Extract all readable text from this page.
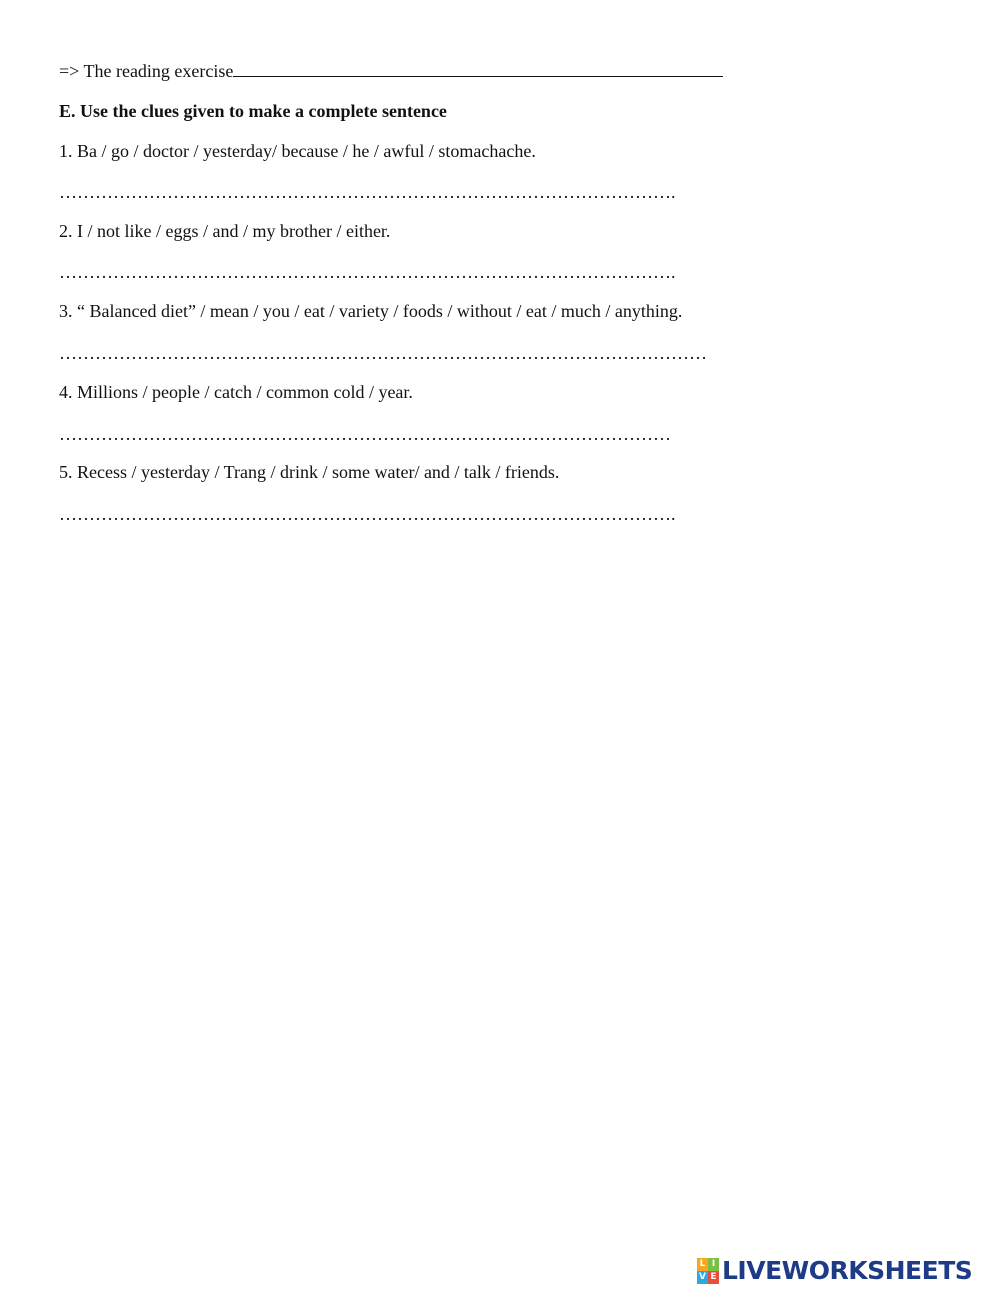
=> The reading exercise
E. Use the clues given to make a complete sentence
1. Ba / go / doctor / yesterday/ because / he / awful / stomachache.
………………………………………………………………………………………….
2. I / not like / eggs / and / my brother / either.
………………………………………………………………………………………….
3. “ Balanced diet” / mean / you / eat / variety / foods / without / eat / much / anything.
………………………………………………………………………………………………
4. Millions / people / catch / common cold / year.
…………………………………………………………………………………………
5. Recess / yesterday / Trang / drink / some water/ and / talk / friends.
………………………………………………………………………………………….
L I
V E LIVEWORKSHEETS
